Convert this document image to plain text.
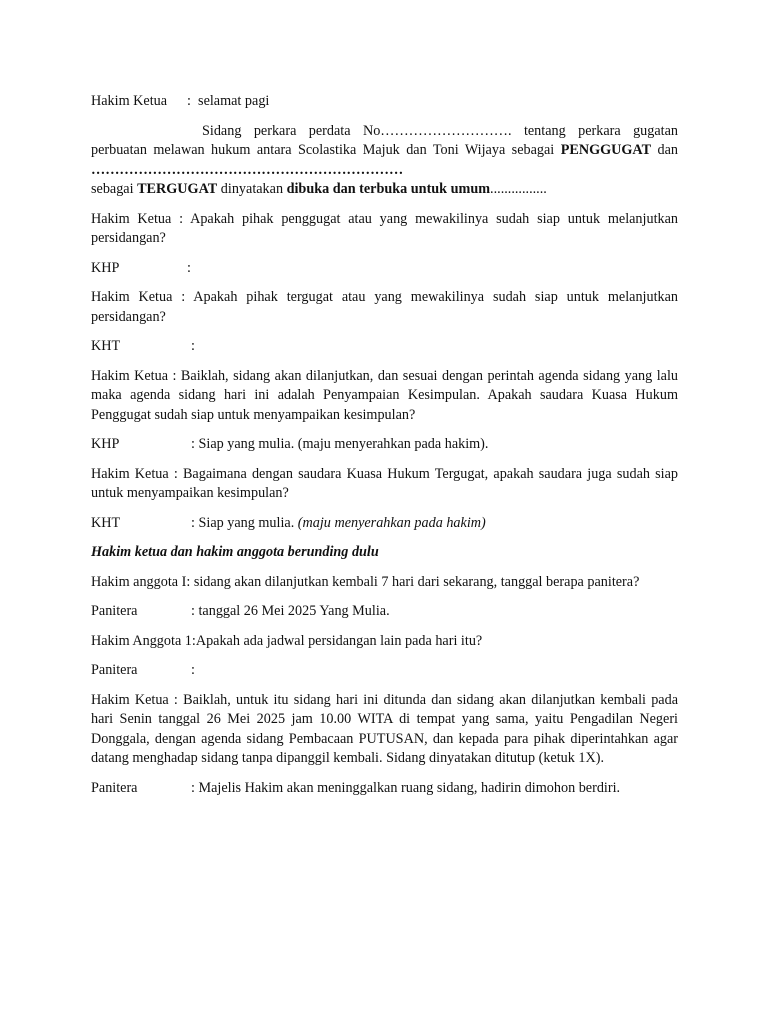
Hakim Ketua : selamat pagi

Sidang perkara perdata No………………………. tentang perkara gugatan perbuatan melawan hukum antara Scolastika Majuk dan Toni Wijaya sebagai PENGGUGAT dan …………………………………………………………
sebagai TERGUGAT dinyatakan dibuka dan terbuka untuk umum................

Hakim Ketua : Apakah pihak penggugat atau yang mewakilinya sudah siap untuk melanjutkan persidangan?

KHP	:

Hakim Ketua : Apakah pihak tergugat atau yang mewakilinya sudah siap untuk melanjutkan persidangan?

KHT	:

Hakim Ketua : Baiklah, sidang akan dilanjutkan, dan sesuai dengan perintah agenda sidang yang lalu maka agenda sidang hari ini adalah Penyampaian Kesimpulan. Apakah saudara Kuasa Hukum Penggugat sudah siap untuk menyampaikan kesimpulan?

KHP	: Siap yang mulia. (maju menyerahkan pada hakim).

Hakim Ketua : Bagaimana dengan saudara Kuasa Hukum Tergugat, apakah saudara juga sudah siap untuk menyampaikan kesimpulan?

KHT	: Siap yang mulia. (maju menyerahkan pada hakim)

Hakim ketua dan hakim anggota berunding dulu

Hakim anggota I: sidang akan dilanjutkan kembali 7 hari dari sekarang, tanggal berapa panitera?

Panitera	: tanggal 26 Mei 2025 Yang Mulia.

Hakim Anggota 1:Apakah ada jadwal persidangan lain pada hari itu?

Panitera	:

Hakim Ketua : Baiklah, untuk itu sidang hari ini ditunda dan sidang akan dilanjutkan kembali pada hari Senin tanggal 26 Mei 2025 jam 10.00 WITA di tempat yang sama, yaitu Pengadilan Negeri Donggala, dengan agenda sidang Pembacaan PUTUSAN, dan kepada para pihak diperintahkan agar datang menghadap sidang tanpa dipanggil kembali. Sidang dinyatakan ditutup (ketuk 1X).

Panitera	: Majelis Hakim akan meninggalkan ruang sidang, hadirin dimohon berdiri.
